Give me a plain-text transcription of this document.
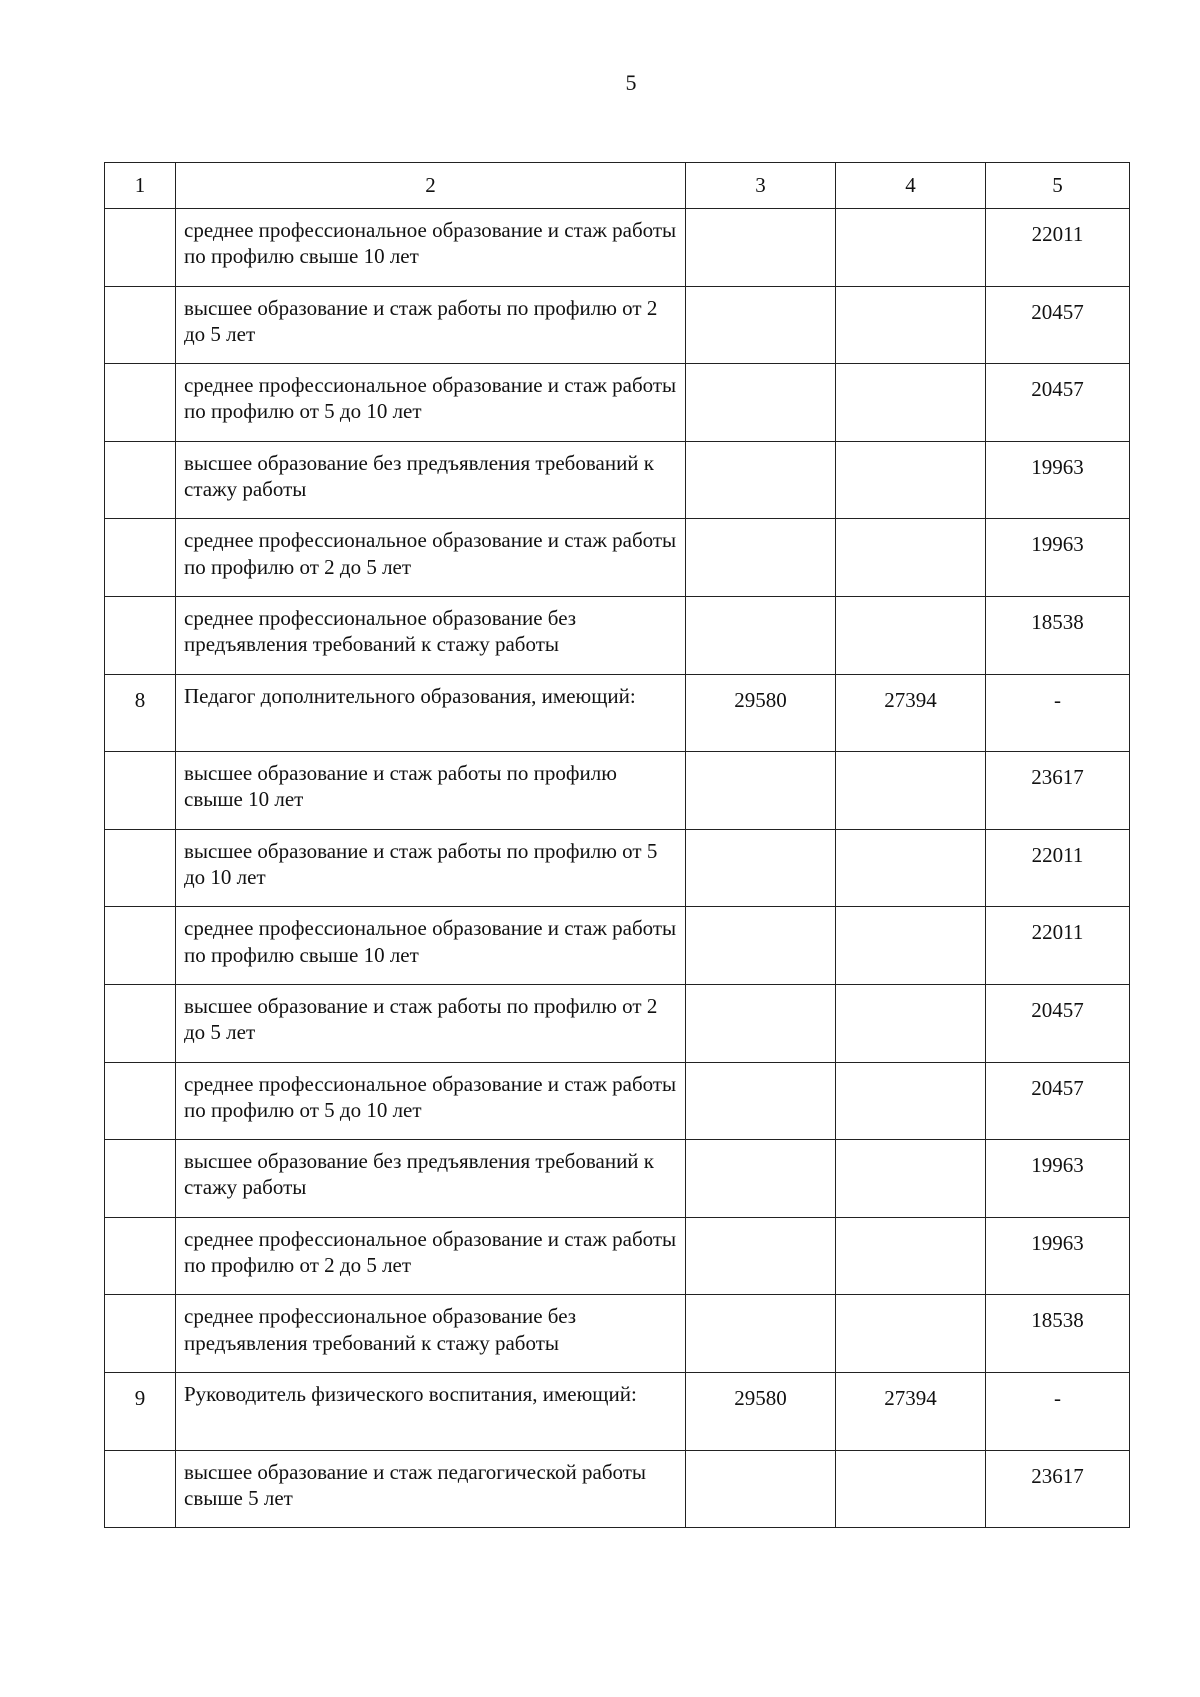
5
1	2	3	4	5
	среднее профессиональное образование и стаж работы по профилю свыше 10 лет			22011
	высшее образование и стаж работы по профилю от 2 до 5 лет			20457
	среднее профессиональное образование и стаж работы по профилю от 5 до 10 лет			20457
	высшее образование без предъявления требований к стажу работы			19963
	среднее профессиональное образование и стаж работы по профилю от 2 до 5 лет			19963
	среднее профессиональное образование без предъявления требований к стажу работы			18538
8	Педагог дополнительного образования, имеющий:	29580	27394	-
	высшее образование и стаж работы по профилю свыше 10 лет			23617
	высшее образование и стаж работы по профилю от 5 до 10 лет			22011
	среднее профессиональное образование и стаж работы по профилю свыше 10 лет			22011
	высшее образование и стаж работы по профилю от 2 до 5 лет			20457
	среднее профессиональное образование и стаж работы по профилю от 5 до 10 лет			20457
	высшее образование без предъявления требований к стажу работы			19963
	среднее профессиональное образование и стаж работы по профилю от 2 до 5 лет			19963
	среднее профессиональное образование без предъявления требований к стажу работы			18538
9	Руководитель физического воспитания, имеющий:	29580	27394	-
	высшее образование и стаж педагогической работы свыше 5 лет			23617
